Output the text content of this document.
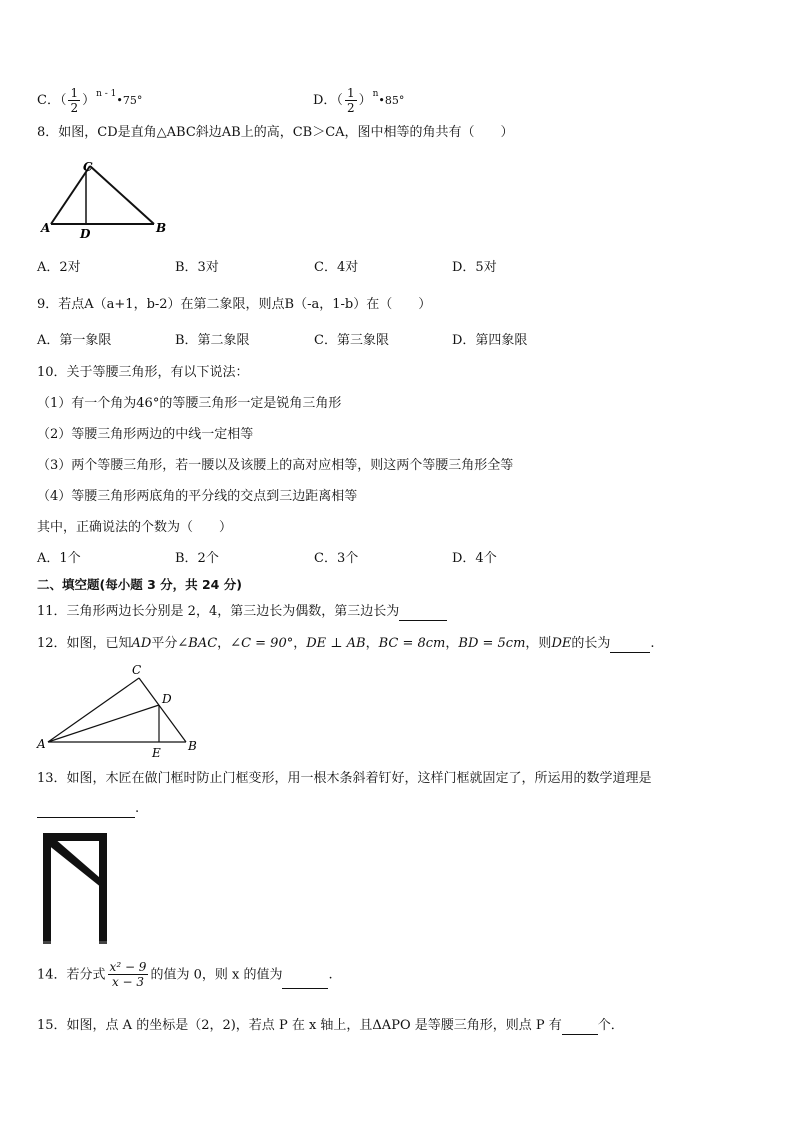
C．（ $\frac{1}{2}$ ）$^{n - 1}$•75°	D．（ $\frac{1}{2}$ ）$^n$•85°
8．如图，CD是直角△ABC斜边AB上的高，CB＞CA，图中相等的角共有（　　）
C
A D	B
A．2对	B．3对	C．4对	D．5对
9．若点A（a+1，b-2）在第二象限，则点B（-a，1-b）在（　　）
A．第一象限	B．第二象限	C．第三象限	D．第四象限
10．关于等腰三角形，有以下说法：
（1）有一个角为46°的等腰三角形一定是锐角三角形
（2）等腰三角形两边的中线一定相等
（3）两个等腰三角形，若一腰以及该腰上的高对应相等，则这两个等腰三角形全等
（4）等腰三角形两底角的平分线的交点到三边距离相等
其中，正确说法的个数为（　　）
A．1个	B．2个	C．3个	D．4个
二、填空题(每小题 3 分，共 24 分)
11．三角形两边长分别是 2，4，第三边长为偶数，第三边长为
12．如图，已知AD平分∠BAC，∠C = 90°，DE ⊥ AB，BC = 8cm，BD = 5cm，则DE的长为	.
C
A
D
E B
13．如图，木匠在做门框时防止门框变形，用一根木条斜着钉好，这样门框就固定了，所运用的数学道理是
.
14．若分式 $\frac{\text{x² − 9}}{x - 3}$ 的值为 0，则 x 的值为	.
15．如图，点 A 的坐标是（2，2)，若点 P 在 x 轴上，且ΔAPO 是等腰三角形，则点 P 有	个．
